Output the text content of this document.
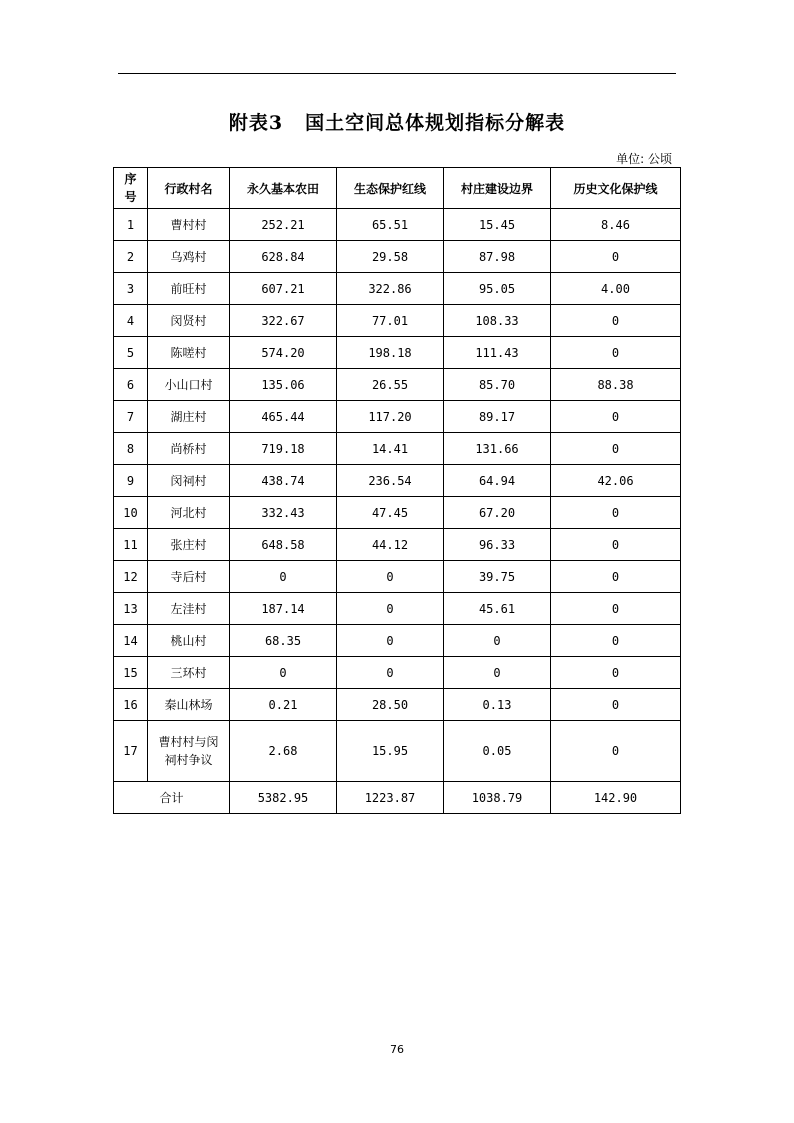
附表3 国土空间总体规划指标分解表
单位: 公顷
序
号	行政村名	永久基本农田	生态保护红线	村庄建设边界	历史文化保护线
1	曹村村	252.21	65.51	15.45	8.46
2	乌鸡村	628.84	29.58	87.98	0
3	前旺村	607.21	322.86	95.05	4.00
4	闵贤村	322.67	77.01	108.33	0
5	陈嗟村	574.20	198.18	111.43	0
6	小山口村	135.06	26.55	85.70	88.38
7	湖庄村	465.44	117.20	89.17	0
8	尚桥村	719.18	14.41	131.66	0
9	闵祠村	438.74	236.54	64.94	42.06
10	河北村	332.43	47.45	67.20	0
11	张庄村	648.58	44.12	96.33	0
12	寺后村	0	0	39.75	0
13	左洼村	187.14	0	45.61	0
14	桃山村	68.35	0	0	0
15	三环村	0	0	0	0
16	秦山林场	0.21	28.50	0.13	0
17	曹村村与闵祠村争议	2.68	15.95	0.05	0
合计		5382.95	1223.87	1038.79	142.90
76
